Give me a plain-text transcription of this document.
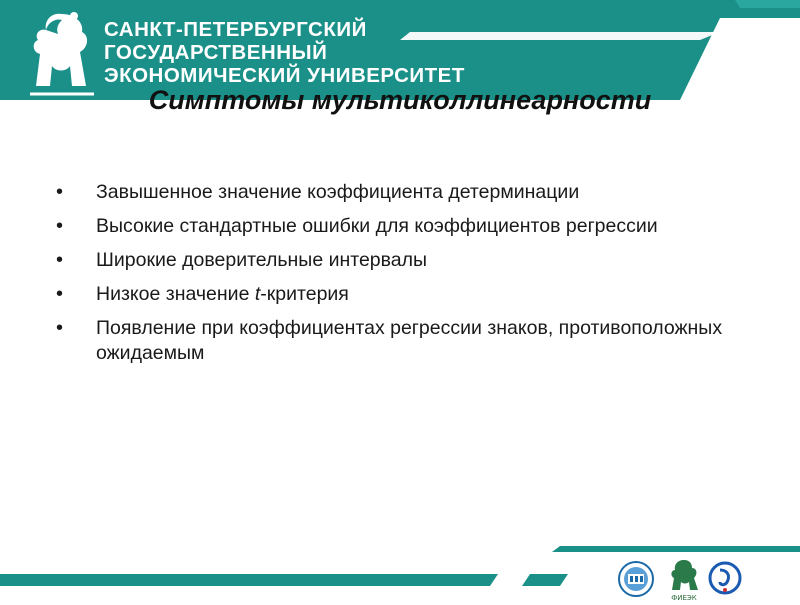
САНКТ-ПЕТЕРБУРГСКИЙ
ГОСУДАРСТВЕННЫЙ
ЭКОНОМИЧЕСКИЙ УНИВЕРСИТЕТ
Симптомы мультиколлинеарности
•	Завышенное значение коэффициента детерминации
•	Высокие стандартные ошибки для коэффициентов регрессии
•	Широкие доверительные интервалы
•	Низкое значение t-критерия
•	Появление при коэффициентах регрессии знаков, противоположных ожидаемым
ФИЕЭК
